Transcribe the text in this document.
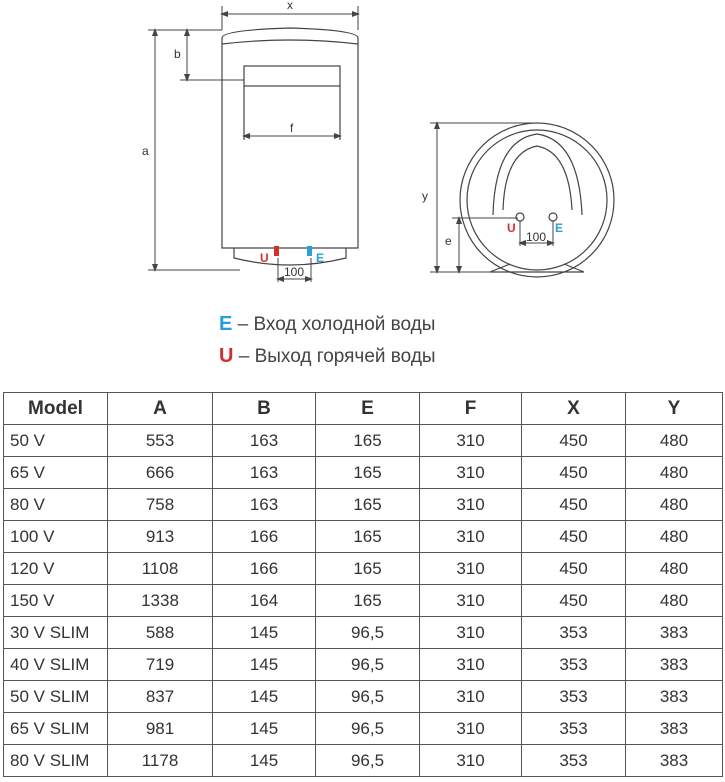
U	E
x
a
b
f
100
U	E
y
e	100
E – Вход холодной воды
U – Выход горячей воды
Model	A	B	E	F	X	Y
50 V	553	163	165	310	450	480
65 V	666	163	165	310	450	480
80 V	758	163	165	310	450	480
100 V	913	166	165	310	450	480
120 V	1108	166	165	310	450	480
150 V	1338	164	165	310	450	480
30 V SLIM	588	145	96,5	310	353	383
40 V SLIM	719	145	96,5	310	353	383
50 V SLIM	837	145	96,5	310	353	383
65 V SLIM	981	145	96,5	310	353	383
80 V SLIM	1178	145	96,5	310	353	383
